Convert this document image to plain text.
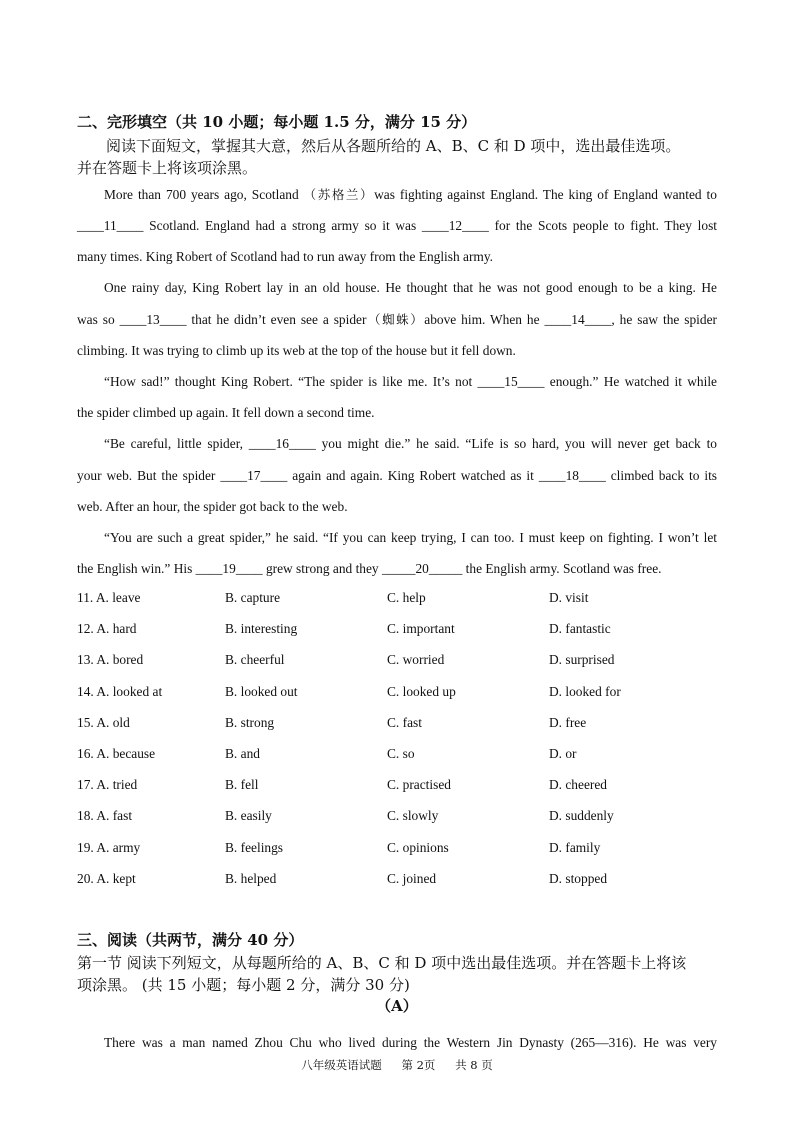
二、完形填空（共 10 小题；每小题 1.5 分，满分 15 分）
阅读下面短文，掌握其大意，然后从各题所给的 A、B、C 和 D 项中，选出最佳选项。
并在答题卡上将该项涂黑。
More than 700 years ago, Scotland （苏格兰）was fighting against England. The king of England wanted to
____11____ Scotland. England had a strong army so it was ____12____ for the Scots people to fight. They lost
many times. King Robert of Scotland had to run away from the English army.
One rainy day, King Robert lay in an old house. He thought that he was not good enough to be a king. He
was so ____13____ that he didn’t even see a spider（蜘蛛）above him. When he ____14____, he saw the spider
climbing. It was trying to climb up its web at the top of the house but it fell down.
“How sad!” thought King Robert. “The spider is like me. It’s not ____15____ enough.” He watched it while
the spider climbed up again. It fell down a second time.
“Be careful, little spider, ____16____ you might die.” he said. “Life is so hard, you will never get back to
your web. But the spider ____17____ again and again. King Robert watched as it ____18____ climbed back to its
web. After an hour, the spider got back to the web.
“You are such a great spider,” he said. “If you can keep trying, I can too. I must keep on fighting. I won’t let
the English win.” His ____19____ grew strong and they _____20_____ the English army. Scotland was free.
11. A. leave	B. capture	C. help	D. visit
12. A. hard	B. interesting	C. important	D. fantastic
13. A. bored	B. cheerful	C. worried	D. surprised
14. A. looked at	B. looked out	C. looked up	D. looked for
15. A. old	B. strong	C. fast	D. free
16. A. because	B. and	C. so	D. or
17. A. tried	B. fell	C. practised	D. cheered
18. A. fast	B. easily	C. slowly	D. suddenly
19. A. army	B. feelings	C. opinions	D. family
20. A. kept	B. helped	C. joined	D. stopped
三、阅读（共两节，满分 40 分）
第一节 阅读下列短文，从每题所给的 A、B、C 和 D 项中选出最佳选项。并在答题卡上将该
项涂黑。 (共 15 小题；每小题 2 分，满分 30 分)
（A）
There was a man named Zhou Chu who lived during the Western Jin Dynasty (265—316). He was very
八年级英语试题 第 2页 共 8 页
